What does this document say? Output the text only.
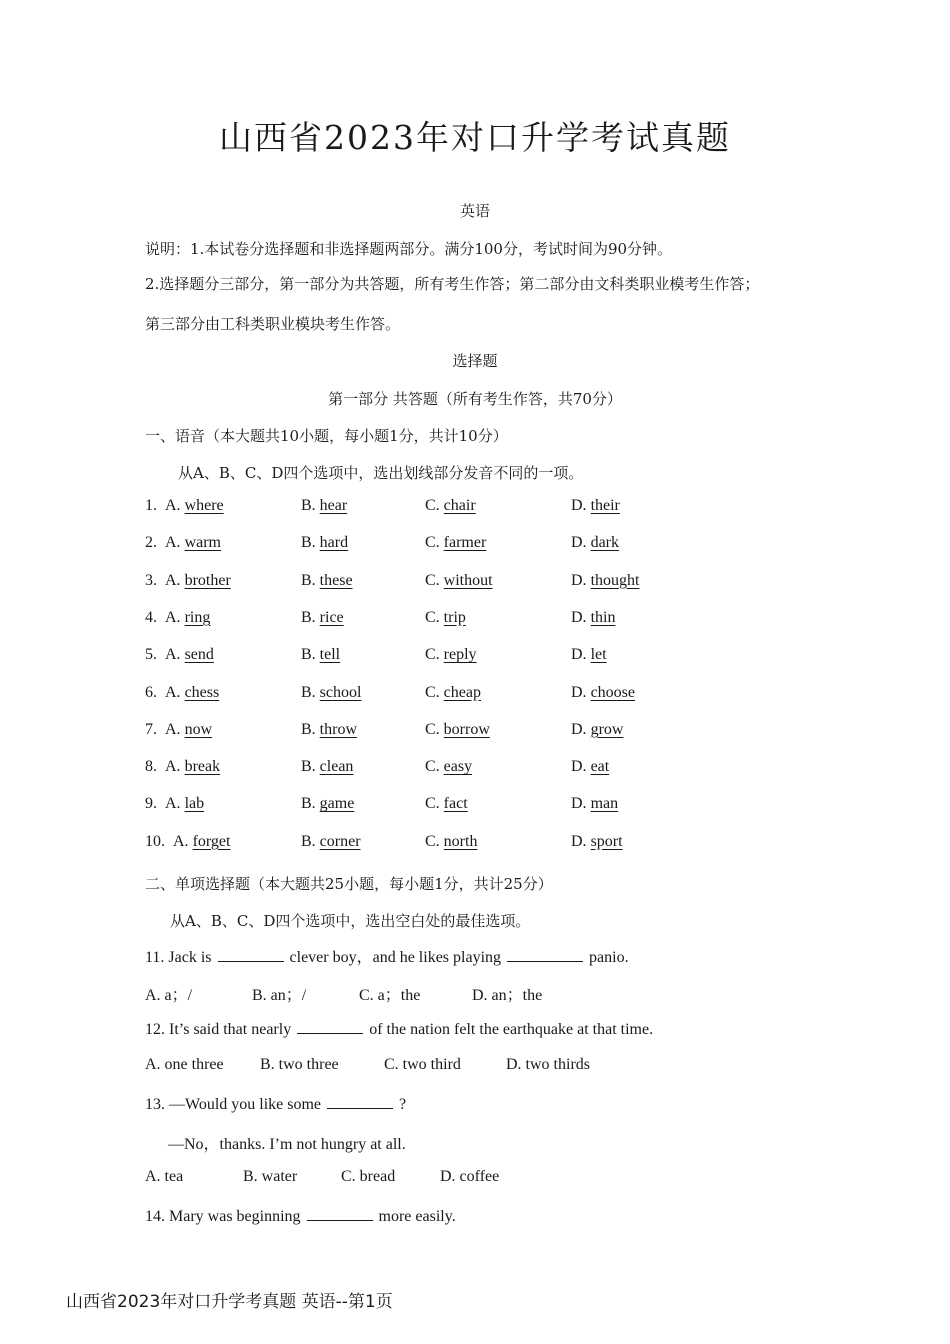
山西省2023年对口升学考试真题
英语
说明：1.本试卷分选择题和非选择题两部分。满分100分，考试时间为90分钟。
2.选择题分三部分，第一部分为共答题，所有考生作答；第二部分由文科类职业模考生作答；
第三部分由工科类职业模块考生作答。
选择题
第一部分 共答题（所有考生作答，共70分）
一、语音（本大题共10小题，每小题1分，共计10分）
从A、B、C、D四个选项中，选出划线部分发音不同的一项。
1. A. where	B. hear	C. chair	D. their
2. A. warm	B. hard	C. farmer	D. dark
3. A. brother	B. these	C. without	D. thought
4. A. ring	B. rice	C. trip	D. thin
5. A. send	B. tell	C. reply	D. let
6. A. chess	B. school	C. cheap	D. choose
7. A. now	B. throw	C. borrow	D. grow
8. A. break	B. clean	C. easy	D. eat
9. A. lab	B. game	C. fact	D. man
10. A. forget	B. corner	C. north	D. sport
二、单项选择题（本大题共25小题，每小题1分，共计25分）
从A、B、C、D四个选项中，选出空白处的最佳选项。
11. Jack is	clever boy，and he likes playing	panio.
A. a；/	B. an；/	C. a；the	D. an；the
12. It’s said that nearly	of the nation felt the earthquake at that time.
A. one three B. two three	C. two third	D. two thirds
13. —Would you like some	?
—No，thanks. I’m not hungry at all.
A. tea	B. water	C. bread	D. coffee
14. Mary was beginning	more easily.
山西省2023年对口升学考真题 英语--第1页
